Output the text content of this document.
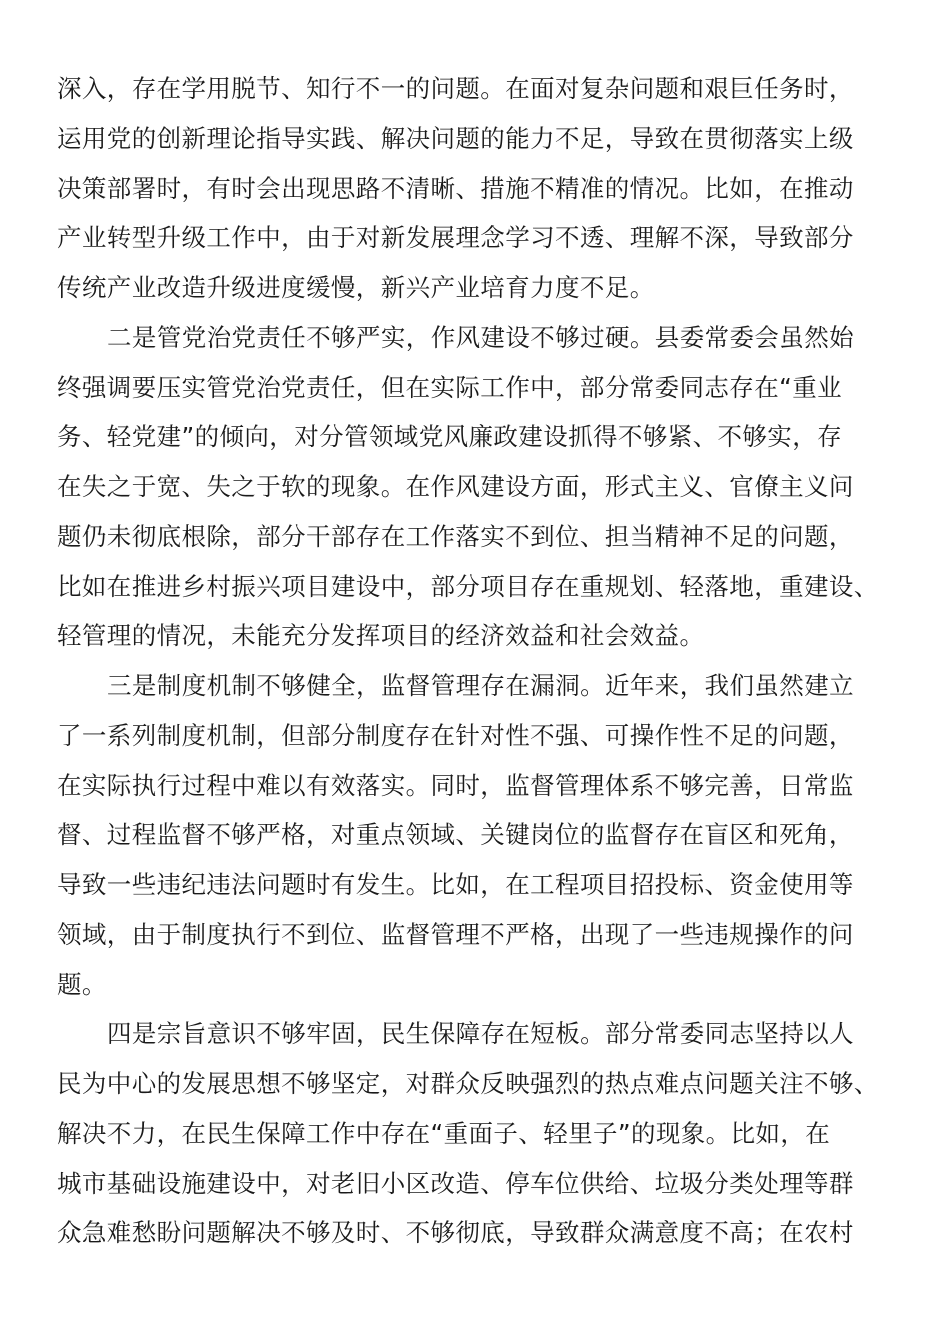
深入，存在学用脱节、知行不一的问题。在面对复杂问题和艰巨任务时，
运用党的创新理论指导实践、解决问题的能力不足，导致在贯彻落实上级
决策部署时，有时会出现思路不清晰、措施不精准的情况。比如，在推动
产业转型升级工作中，由于对新发展理念学习不透、理解不深，导致部分
传统产业改造升级进度缓慢，新兴产业培育力度不足。
二是管党治党责任不够严实，作风建设不够过硬。县委常委会虽然始
终强调要压实管党治党责任，但在实际工作中，部分常委同志存在“重业
务、轻党建”的倾向，对分管领域党风廉政建设抓得不够紧、不够实，存
在失之于宽、失之于软的现象。在作风建设方面，形式主义、官僚主义问
题仍未彻底根除，部分干部存在工作落实不到位、担当精神不足的问题，
比如在推进乡村振兴项目建设中，部分项目存在重规划、轻落地，重建设、
轻管理的情况，未能充分发挥项目的经济效益和社会效益。
三是制度机制不够健全，监督管理存在漏洞。近年来，我们虽然建立
了一系列制度机制，但部分制度存在针对性不强、可操作性不足的问题，
在实际执行过程中难以有效落实。同时，监督管理体系不够完善，日常监
督、过程监督不够严格，对重点领域、关键岗位的监督存在盲区和死角，
导致一些违纪违法问题时有发生。比如，在工程项目招投标、资金使用等
领域，由于制度执行不到位、监督管理不严格，出现了一些违规操作的问
题。
四是宗旨意识不够牢固，民生保障存在短板。部分常委同志坚持以人
民为中心的发展思想不够坚定，对群众反映强烈的热点难点问题关注不够、
解决不力，在民生保障工作中存在“重面子、轻里子”的现象。比如，在
城市基础设施建设中，对老旧小区改造、停车位供给、垃圾分类处理等群
众急难愁盼问题解决不够及时、不够彻底，导致群众满意度不高；在农村
